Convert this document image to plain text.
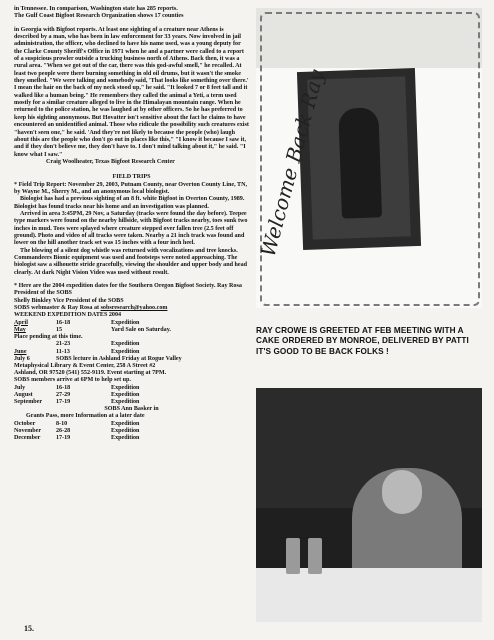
in Tennessee. In comparison, Washington state has 285 reports.

The Gulf Coast Bigfoot Research Organization shows 17 counties

in Georgia with Bigfoot reports. At least one sighting of a creature near Athens is described by a man, who has been in law enforcement for 33 years. Now involved in jail administration, the officer, who declined to have his name used, was a young deputy for the Clarke County Sheriff's Office in 1971 when he and a partner were called to a report of a suspicious prowler outside a trucking business north of Athens. Back then, it was a rural area. "When we got out of the car, there was this god-awful smell," he recalled. At least two people were there burning something in old oil drums, but it wasn't the smoke they smelled. "We were talking and somebody said, 'That looks like something over there.' I mean the hair on the back of my neck stood up," he said. "It looked 7 or 8 feet tall and it walked like a human being." He remembers they called the animal a Yeti, a term used mostly for a similar creature alleged to live in the Himalayan mountain range. When he returned to the police station, he was laughed at by other officers. So he has preferred to keep his sighting anonymous. But Hovatter isn't sensitive about the fact he claims to have encountered an unidentified animal. Those who ridicule the possibility such creatures exist "haven't seen one," he said. 'And they're not likely to because the people (who) laugh about this are the people who don't go out in places like this," "I know it because I saw it, and if they don't believe me, they don't have to. I don't mind talking about it," he said. "I know what I saw."

Craig Woolheater, Texas Bigfoot Research Center

FIELD TRIPS

* Field Trip Report: November 29, 2003, Putnam County, near Overton County Line, TN, by Wayne M., Sherry M., and an anonymous local biologist.

Biologist has had a previous sighting of an 8 ft. white Bigfoot in Overton County, 1989. Biologist has found tracks near his home and an investigation was planned.

Arrived in area 3:45PM, 29 Nov, a Saturday (tracks were found the day before). Teepee type markers were found on the nearby hillside, with Bigfoot tracks nearby, toes sunk two inches in mud. Toes were splayed where creature stepped over fallen tree (2.5 feet off ground). Photo and video of all tracks were taken. Nearby a 21 inch track was found and lower on the hill another track set was 15 inches with a four inch heel.

The blowing of a silent dog whistle was returned with vocalizations and tree knocks. Commandeers Bionic equipment was used and footsteps were noted approaching. The biologist saw a silhouette stride gracefully, viewing the shoulder and upper body and head clearly. At dark Night Vision Video was used without result.

* Here are the 2004 expedition dates for the Southern Oregon Bigfoot Society. Ray Rosa President of the SOBS

Shelly Binkley Vice President of the SOBS

SOBS webmaster & Ray Rosa at sobsresearch@yahoo.com

WEEKEND EXPEDITION DATES 2004

April	16-18	Expedition
May	15	Yard Sale on Saturday.
Place pending at this time.		
	21-23	Expedition
June	11-13	Expedition
July 6 SOBS lecture in Ashland Friday at Rogue Valley		
Metaphysical Library & Event Center, 258 A Street #2		
Ashland, OR 97520 (541) 552-9119. Event starting at 7PM.		
SOBS members arrive at 6PM to help set up.		
July	16-18	Expedition
August	27-29	Expedition
September	17-19	Expedition
SOBS Ann Basker in		
Grants Pass, more Information at a later date		
October	8-10	Expedition
November	26-28	Expedition
December	17-19	Expedition
Welcome Back Ray
RAY CROWE IS GREETED AT FEB MEETING WITH A CAKE ORDERED BY MONROE, DELIVERED BY PATTI IT'S GOOD TO BE BACK FOLKS !
15.
